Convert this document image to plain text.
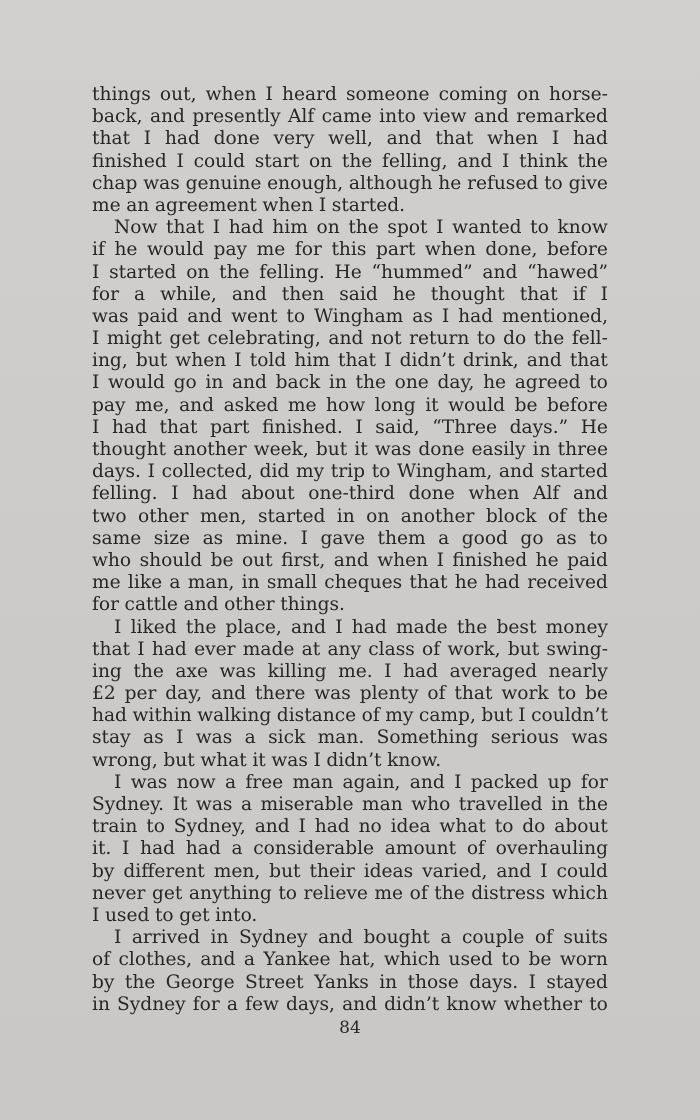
things out, when I heard someone coming on horse-
back, and presently Alf came into view and remarked
that I had done very well, and that when I had
finished I could start on the felling, and I think the
chap was genuine enough, although he refused to give
me an agreement when I started.
Now that I had him on the spot I wanted to know
if he would pay me for this part when done, before
I started on the felling. He “hummed” and “hawed”
for a while, and then said he thought that if I
was paid and went to Wingham as I had mentioned,
I might get celebrating, and not return to do the fell-
ing, but when I told him that I didn’t drink, and that
I would go in and back in the one day, he agreed to
pay me, and asked me how long it would be before
I had that part finished. I said, “Three days.” He
thought another week, but it was done easily in three
days. I collected, did my trip to Wingham, and started
felling. I had about one-third done when Alf and
two other men, started in on another block of the
same size as mine. I gave them a good go as to
who should be out first, and when I finished he paid
me like a man, in small cheques that he had received
for cattle and other things.
I liked the place, and I had made the best money
that I had ever made at any class of work, but swing-
ing the axe was killing me. I had averaged nearly
£2 per day, and there was plenty of that work to be
had within walking distance of my camp, but I couldn’t
stay as I was a sick man. Something serious was
wrong, but what it was I didn’t know.
I was now a free man again, and I packed up for
Sydney. It was a miserable man who travelled in the
train to Sydney, and I had no idea what to do about
it. I had had a considerable amount of overhauling
by different men, but their ideas varied, and I could
never get anything to relieve me of the distress which
I used to get into.
I arrived in Sydney and bought a couple of suits
of clothes, and a Yankee hat, which used to be worn
by the George Street Yanks in those days. I stayed
in Sydney for a few days, and didn’t know whether to
84
